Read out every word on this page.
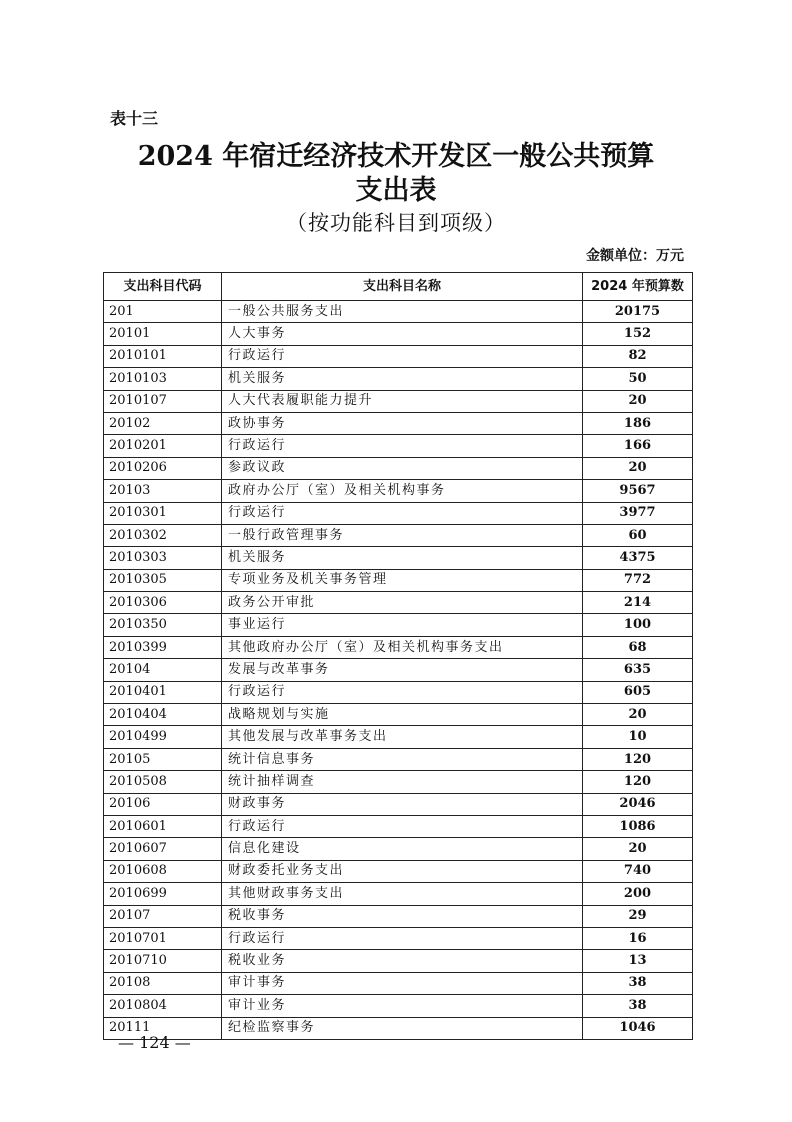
表十三

2024 年宿迁经济技术开发区一般公共预算
支出表

（按功能科目到项级）

金额单位：万元

支出科目代码	支出科目名称	2024 年预算数
201	一般公共服务支出	20175
20101	人大事务	152
2010101	行政运行	82
2010103	机关服务	50
2010107	人大代表履职能力提升	20
20102	政协事务	186
2010201	行政运行	166
2010206	参政议政	20
20103	政府办公厅（室）及相关机构事务	9567
2010301	行政运行	3977
2010302	一般行政管理事务	60
2010303	机关服务	4375
2010305	专项业务及机关事务管理	772
2010306	政务公开审批	214
2010350	事业运行	100
2010399	其他政府办公厅（室）及相关机构事务支出	68
20104	发展与改革事务	635
2010401	行政运行	605
2010404	战略规划与实施	20
2010499	其他发展与改革事务支出	10
20105	统计信息事务	120
2010508	统计抽样调查	120
20106	财政事务	2046
2010601	行政运行	1086
2010607	信息化建设	20
2010608	财政委托业务支出	740
2010699	其他财政事务支出	200
20107	税收事务	29
2010701	行政运行	16
2010710	税收业务	13
20108	审计事务	38
2010804	审计业务	38
20111	纪检监察事务	1046

— 124 —
